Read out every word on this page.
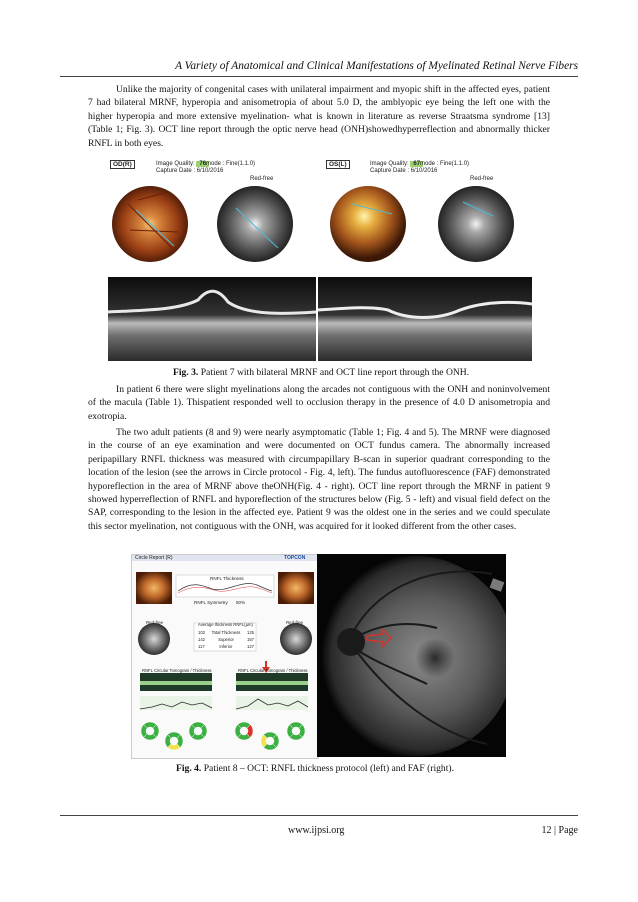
A Variety of Anatomical and Clinical Manifestations of Myelinated Retinal Nerve Fibers
Unlike the majority of congenital cases with unilateral impairment and myopic shift in the affected eyes, patient 7 had bilateral MRNF, hyperopia and anisometropia of about 5.0 D, the amblyopic eye being the left one with the higher hyperopia and more extensive myelination- what is known in literature as reverse Straatsma syndrome [13] (Table 1; Fig. 3). OCT line report through the optic nerve head (ONH)showedhyperreflection and abnormally thicker RNFL in both eyes.
OD(R)	Image Quality: 76 mode : Fine(1.1.0)
Capture Date : 6/10/2016
Red-free
OS(L)	Image Quality: 67 mode : Fine(1.1.0)
Capture Date : 6/10/2016
Red-free
Fig. 3. Patient 7 with bilateral MRNF and OCT line report through the ONH.
In patient 6 there were slight myelinations along the arcades not contiguous with the ONH and noninvolvement of the macula (Table 1). Thispatient responded well to occlusion therapy in the presence of 4.0 D anisometropia and exotropia.
The two adult patients (8 and 9) were nearly asymptomatic (Table 1; Fig. 4 and 5). The MRNF were diagnosed in the course of an eye examination and were documented on OCT fundus camera. The abnormally increased peripapillary RNFL thickness was measured with circumpapillary B-scan in superior quadrant corresponding to the location of the lesion (see the arrows in Circle protocol - Fig. 4, left). The fundus autofluorescence (FAF) demonstrated hyporeflection in the area of MRNF above theONH(Fig. 4 - right). OCT line report through the MRNF in patient 9 showed hyperreflection of RNFL and hyporeflection of the structures below (Fig. 5 - left) and visual field defect on the SAP, corresponding to the lesion in the affected eye. Patient 9 was the oldest one in the series and we could speculate this sector myelination, not contiguous with the ONH, was acquired for it looked different from the other cases.
Circle Report (R)	TOPCON
RNFL Thickness
RNFL Symmetry 50%
Red-free	Red-free
Average thickness RNFL(µm)
102 Total Thickness 125
142	Superior	157
117	Inferior	127
RNFL Circular Tomogram / Thickness	RNFL Circular Tomogram / Thickness
Fig. 4. Patient 8 – OCT: RNFL thickness protocol (left) and FAF (right).
www.ijpsi.org	12 | Page
